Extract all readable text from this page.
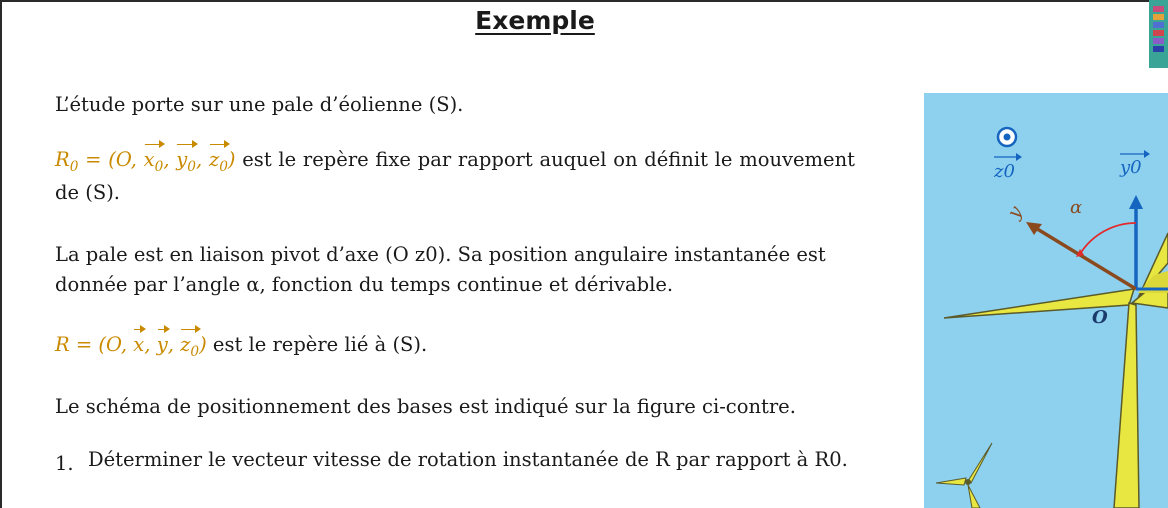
Exemple

L’étude porte sur une pale d’éolienne (S).

$R_0 = (O$, $x_0$, $y_0$, $z_0$) est le repère fixe par rapport auquel on définit le mouvement de (S).

La pale est en liaison pivot d’axe (O z0). Sa position angulaire instantanée est donnée par l’angle α, fonction du temps continue et dérivable.

R = (O, x, y, $z_0$) est le repère lié à (S).

Le schéma de positionnement des bases est indiqué sur la figure ci-contre.

1. Déterminer le vecteur vitesse de rotation instantanée de R par rapport à R0.

z0	y0
y α
O
